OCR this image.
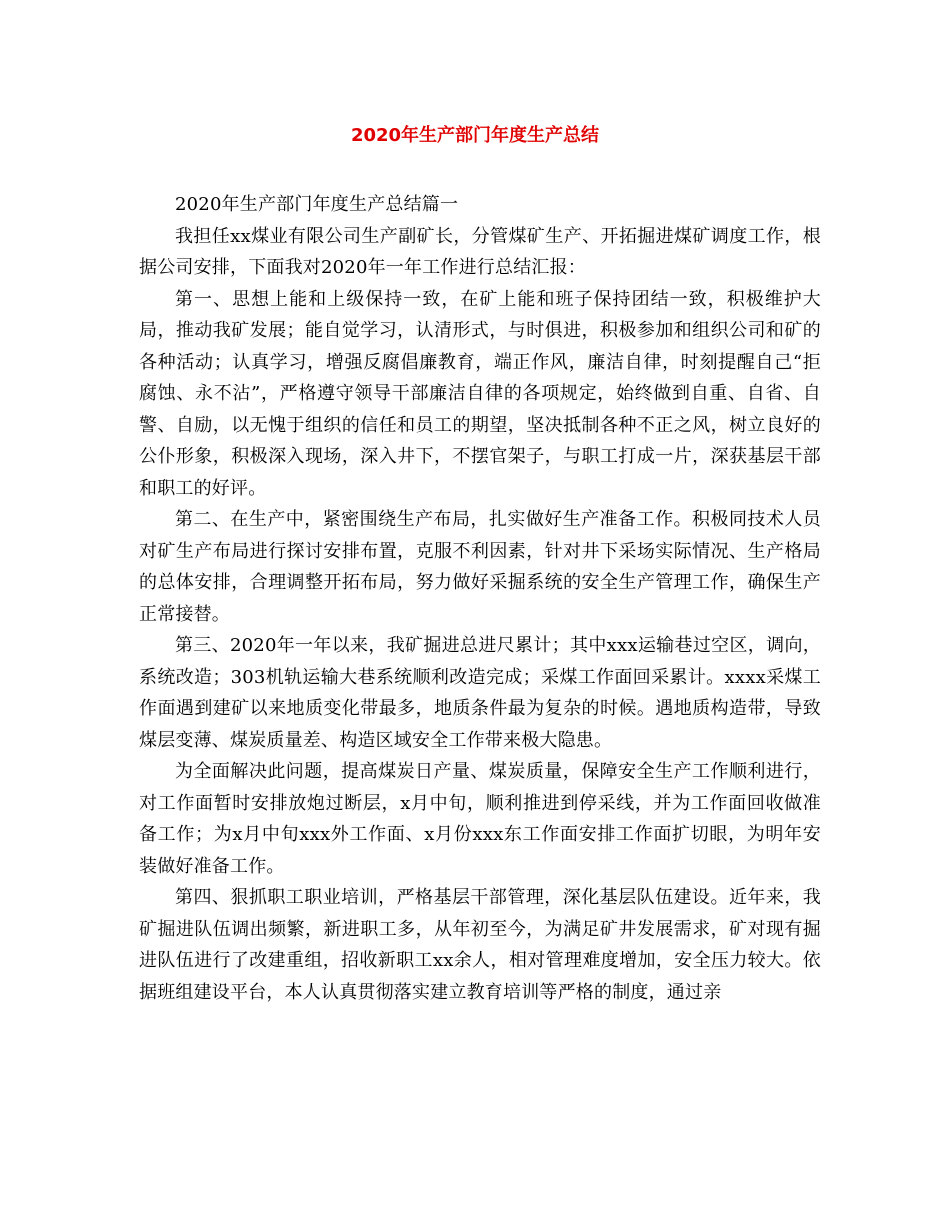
2020年生产部门年度生产总结

2020年生产部门年度生产总结篇一

我担任xx煤业有限公司生产副矿长，分管煤矿生产、开拓掘进煤矿调度工作，根据公司安排，下面我对2020年一年工作进行总结汇报：

第一、思想上能和上级保持一致，在矿上能和班子保持团结一致，积极维护大局，推动我矿发展；能自觉学习，认清形式，与时俱进，积极参加和组织公司和矿的各种活动；认真学习，增强反腐倡廉教育，端正作风，廉洁自律，时刻提醒自己“拒腐蚀、永不沾”，严格遵守领导干部廉洁自律的各项规定，始终做到自重、自省、自警、自励，以无愧于组织的信任和员工的期望，坚决抵制各种不正之风，树立良好的公仆形象，积极深入现场，深入井下，不摆官架子，与职工打成一片，深获基层干部和职工的好评。

第二、在生产中，紧密围绕生产布局，扎实做好生产准备工作。积极同技术人员对矿生产布局进行探讨安排布置，克服不利因素，针对井下采场实际情况、生产格局的总体安排，合理调整开拓布局，努力做好采掘系统的安全生产管理工作，确保生产正常接替。

第三、2020年一年以来，我矿掘进总进尺累计；其中xxx运输巷过空区，调向，系统改造；303机轨运输大巷系统顺利改造完成；采煤工作面回采累计。xxxx采煤工作面遇到建矿以来地质变化带最多，地质条件最为复杂的时候。遇地质构造带，导致煤层变薄、煤炭质量差、构造区域安全工作带来极大隐患。

为全面解决此问题，提高煤炭日产量、煤炭质量，保障安全生产工作顺利进行，对工作面暂时安排放炮过断层，x月中旬，顺利推进到停采线，并为工作面回收做准备工作；为x月中旬xxx外工作面、x月份xxx东工作面安排工作面扩切眼，为明年安装做好准备工作。

第四、狠抓职工职业培训，严格基层干部管理，深化基层队伍建设。近年来，我矿掘进队伍调出频繁，新进职工多，从年初至今，为满足矿井发展需求，矿对现有掘进队伍进行了改建重组，招收新职工xx余人，相对管理难度增加，安全压力较大。依据班组建设平台，本人认真贯彻落实建立教育培训等严格的制度，通过亲
